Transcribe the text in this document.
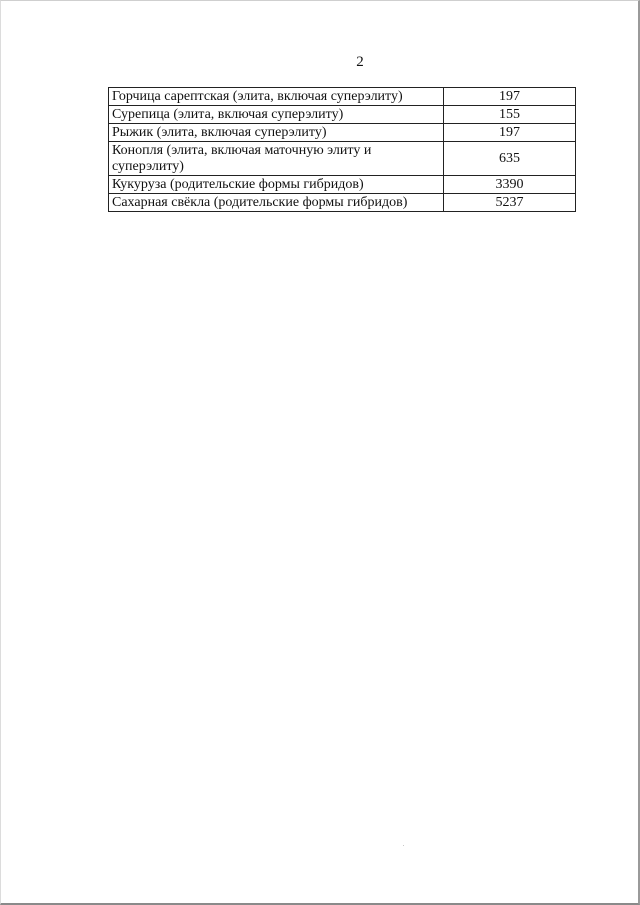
2
Горчица сарептская (элита, включая суперэлиту)	197
Сурепица (элита, включая суперэлиту)	155
Рыжик (элита, включая суперэлиту)	197
Конопля (элита, включая маточную элиту и суперэлиту)	635
Кукуруза (родительские формы гибридов)	3390
Сахарная свёкла (родительские формы гибридов)	5237
